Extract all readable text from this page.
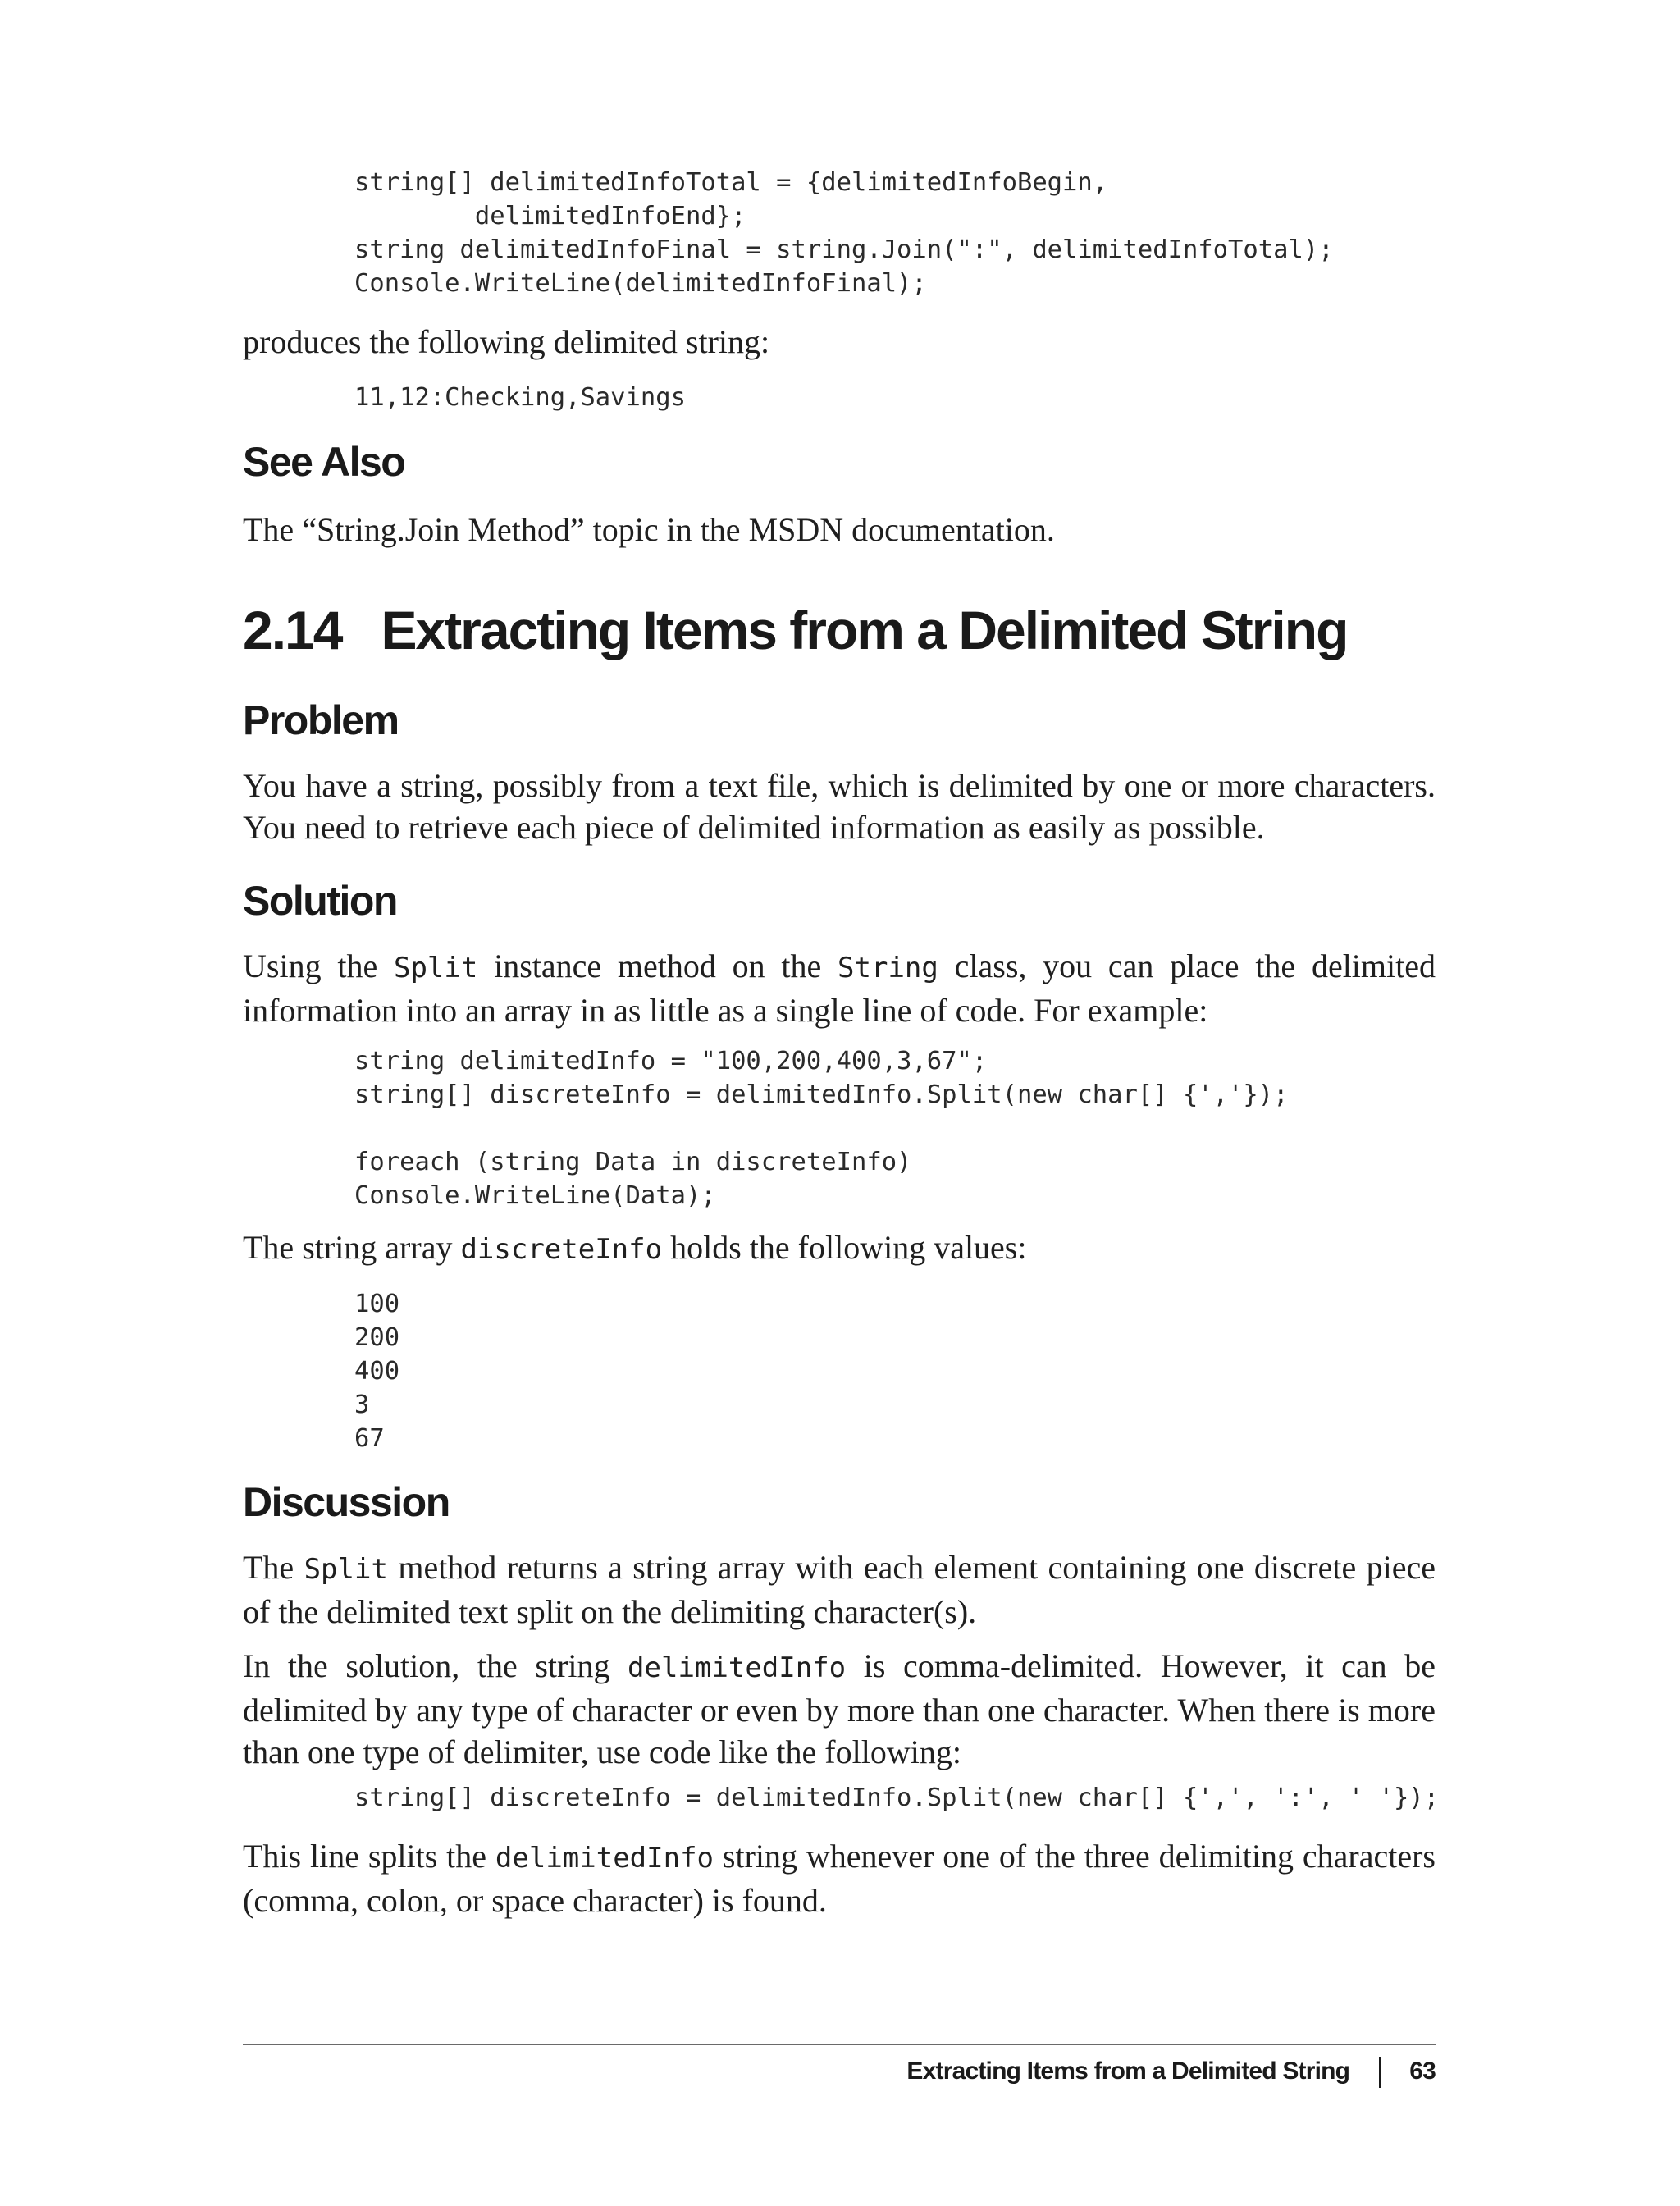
string[] delimitedInfoTotal = {delimitedInfoBegin,
delimitedInfoEnd};
string delimitedInfoFinal = string.Join(":", delimitedInfoTotal);
Console.WriteLine(delimitedInfoFinal);

produces the following delimited string:

11,12:Checking,Savings
See Also

The “String.Join Method” topic in the MSDN documentation.

2.14 Extracting Items from a Delimited String
Problem

You have a string, possibly from a text file, which is delimited by one or more characters. You need to retrieve each piece of delimited information as easily as possible.

Solution

Using the Split instance method on the String class, you can place the delimited information into an array in as little as a single line of code. For example:

string delimitedInfo = "100,200,400,3,67";
string[] discreteInfo = delimitedInfo.Split(new char[] {','});

foreach (string Data in discreteInfo)
Console.WriteLine(Data);

The string array discreteInfo holds the following values:

100
200
400
3
67
Discussion

The Split method returns a string array with each element containing one discrete piece of the delimited text split on the delimiting character(s).

In the solution, the string delimitedInfo is comma-delimited. However, it can be delimited by any type of character or even by more than one character. When there is more than one type of delimiter, use code like the following:

string[] discreteInfo = delimitedInfo.Split(new char[] {',', ':', ' '});

This line splits the delimitedInfo string whenever one of the three delimiting characters (comma, colon, or space character) is found.

Extracting Items from a Delimited String 63
